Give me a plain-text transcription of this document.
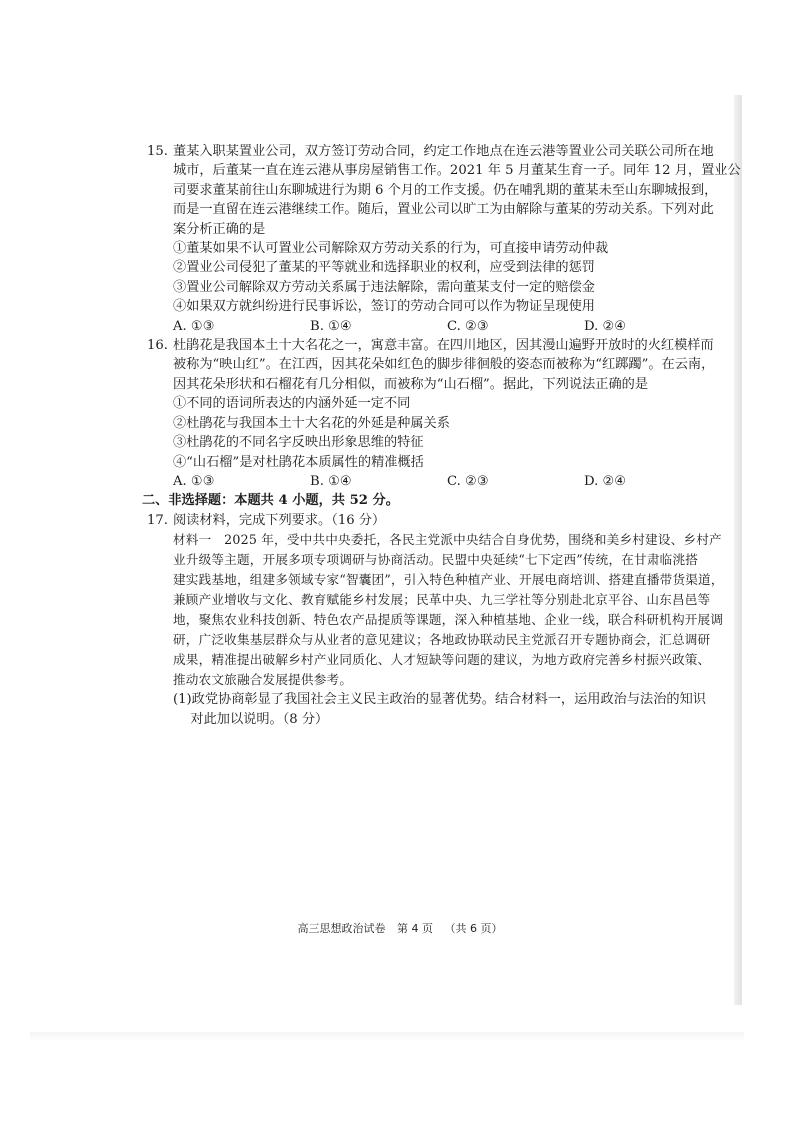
15. 董某入职某置业公司，双方签订劳动合同，约定工作地点在连云港等置业公司关联公司所在地
城市，后董某一直在连云港从事房屋销售工作。2021 年 5 月董某生育一子。同年 12 月，置业公
司要求董某前往山东聊城进行为期 6 个月的工作支援。仍在哺乳期的董某未至山东聊城报到，
而是一直留在连云港继续工作。随后，置业公司以旷工为由解除与董某的劳动关系。下列对此
案分析正确的是
①董某如果不认可置业公司解除双方劳动关系的行为，可直接申请劳动仲裁
②置业公司侵犯了董某的平等就业和选择职业的权利，应受到法律的惩罚
③置业公司解除双方劳动关系属于违法解除，需向董某支付一定的赔偿金
④如果双方就纠纷进行民事诉讼，签订的劳动合同可以作为物证呈现使用
A. ①③	B. ①④	C. ②③	D. ②④
16. 杜鹃花是我国本土十大名花之一，寓意丰富。在四川地区，因其漫山遍野开放时的火红模样而
被称为“映山红”。在江西，因其花朵如红色的脚步徘徊般的姿态而被称为“红踯躅”。在云南，
因其花朵形状和石榴花有几分相似，而被称为“山石榴”。据此，下列说法正确的是
①不同的语词所表达的内涵外延一定不同
②杜鹃花与我国本土十大名花的外延是种属关系
③杜鹃花的不同名字反映出形象思维的特征
④“山石榴”是对杜鹃花本质属性的精准概括
A. ①③	B. ①④	C. ②③	D. ②④
二、非选择题：本题共 4 小题，共 52 分。
17. 阅读材料，完成下列要求。（16 分）
材料一　2025 年，受中共中央委托，各民主党派中央结合自身优势，围绕和美乡村建设、乡村产
业升级等主题，开展多项专项调研与协商活动。民盟中央延续“七下定西”传统，在甘肃临洮搭
建实践基地，组建多领域专家“智囊团”，引入特色种植产业、开展电商培训、搭建直播带货渠道，
兼顾产业增收与文化、教育赋能乡村发展；民革中央、九三学社等分别赴北京平谷、山东昌邑等
地，聚焦农业科技创新、特色农产品提质等课题，深入种植基地、企业一线，联合科研机构开展调
研，广泛收集基层群众与从业者的意见建议；各地政协联动民主党派召开专题协商会，汇总调研
成果，精准提出破解乡村产业同质化、人才短缺等问题的建议，为地方政府完善乡村振兴政策、
推动农文旅融合发展提供参考。
(1)政党协商彰显了我国社会主义民主政治的显著优势。结合材料一，运用政治与法治的知识
　 对此加以说明。（8 分）
高三思想政治试卷 第 4 页 （共 6 页）
